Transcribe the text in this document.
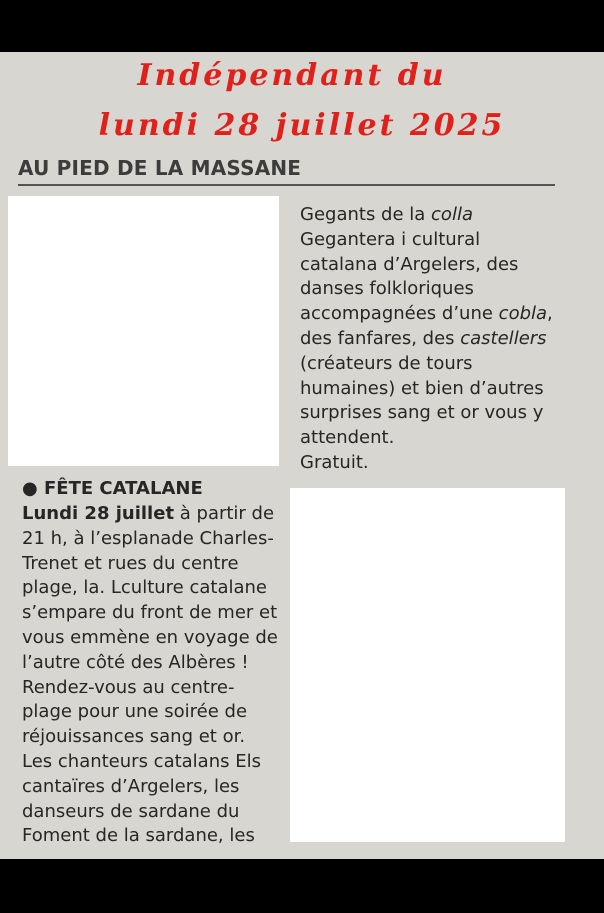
Indépendant du
lundi 28 juillet 2025
AU PIED DE LA MASSANE
Gegants de la colla
Gegantera i cultural
catalana d’Argelers, des
danses folkloriques
accompagnées d’une cobla,
des fanfares, des castellers
(créateurs de tours
humaines) et bien d’autres
surprises sang et or vous y
attendent.
Gratuit.
● FÊTE CATALANE
Lundi 28 juillet à partir de
21 h, à l’esplanade Charles-
Trenet et rues du centre
plage, la. Lculture catalane
s’empare du front de mer et
vous emmène en voyage de
l’autre côté des Albères !
Rendez-vous au centre-
plage pour une soirée de
réjouissances sang et or.
Les chanteurs catalans Els
cantaïres d’Argelers, les
danseurs de sardane du
Foment de la sardane, les
